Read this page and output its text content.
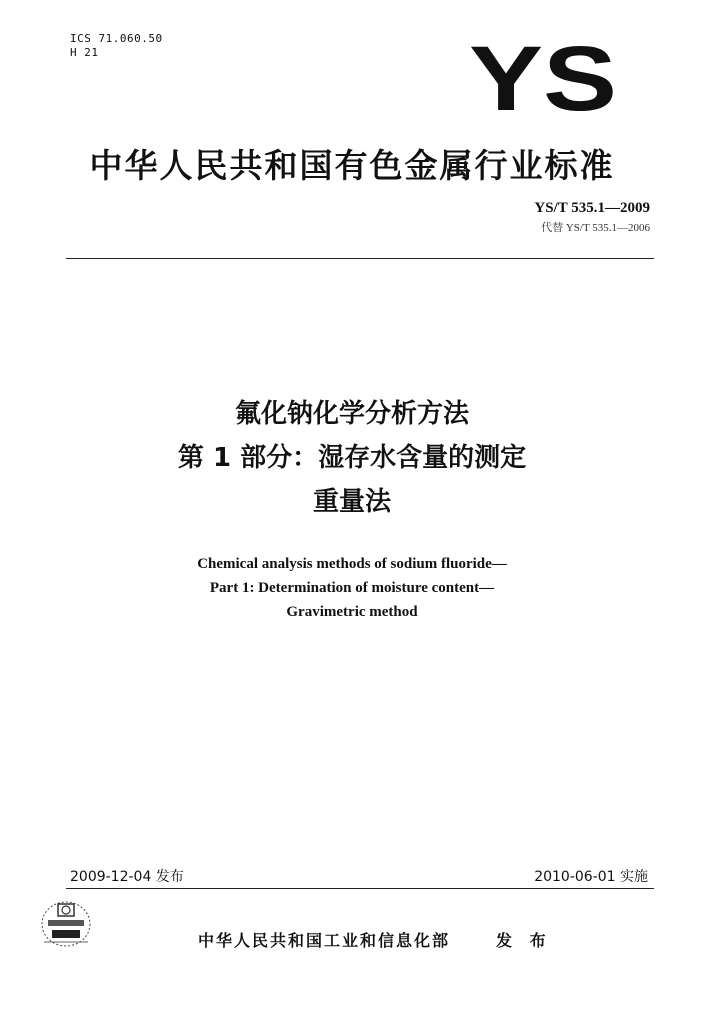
ICS 71.060.50
H 21	YS
中华人民共和国有色金属行业标准
YS/T 535.1—2009
代替 YS/T 535.1—2006
氟化钠化学分析方法
第 1 部分：湿存水含量的测定
重量法
Chemical analysis methods of sodium fluoride—
Part 1: Determination of moisture content—
Gravimetric method
2009-12-04 发布	2010-06-01 实施
中华人民共和国工业和信息化部	发 布
